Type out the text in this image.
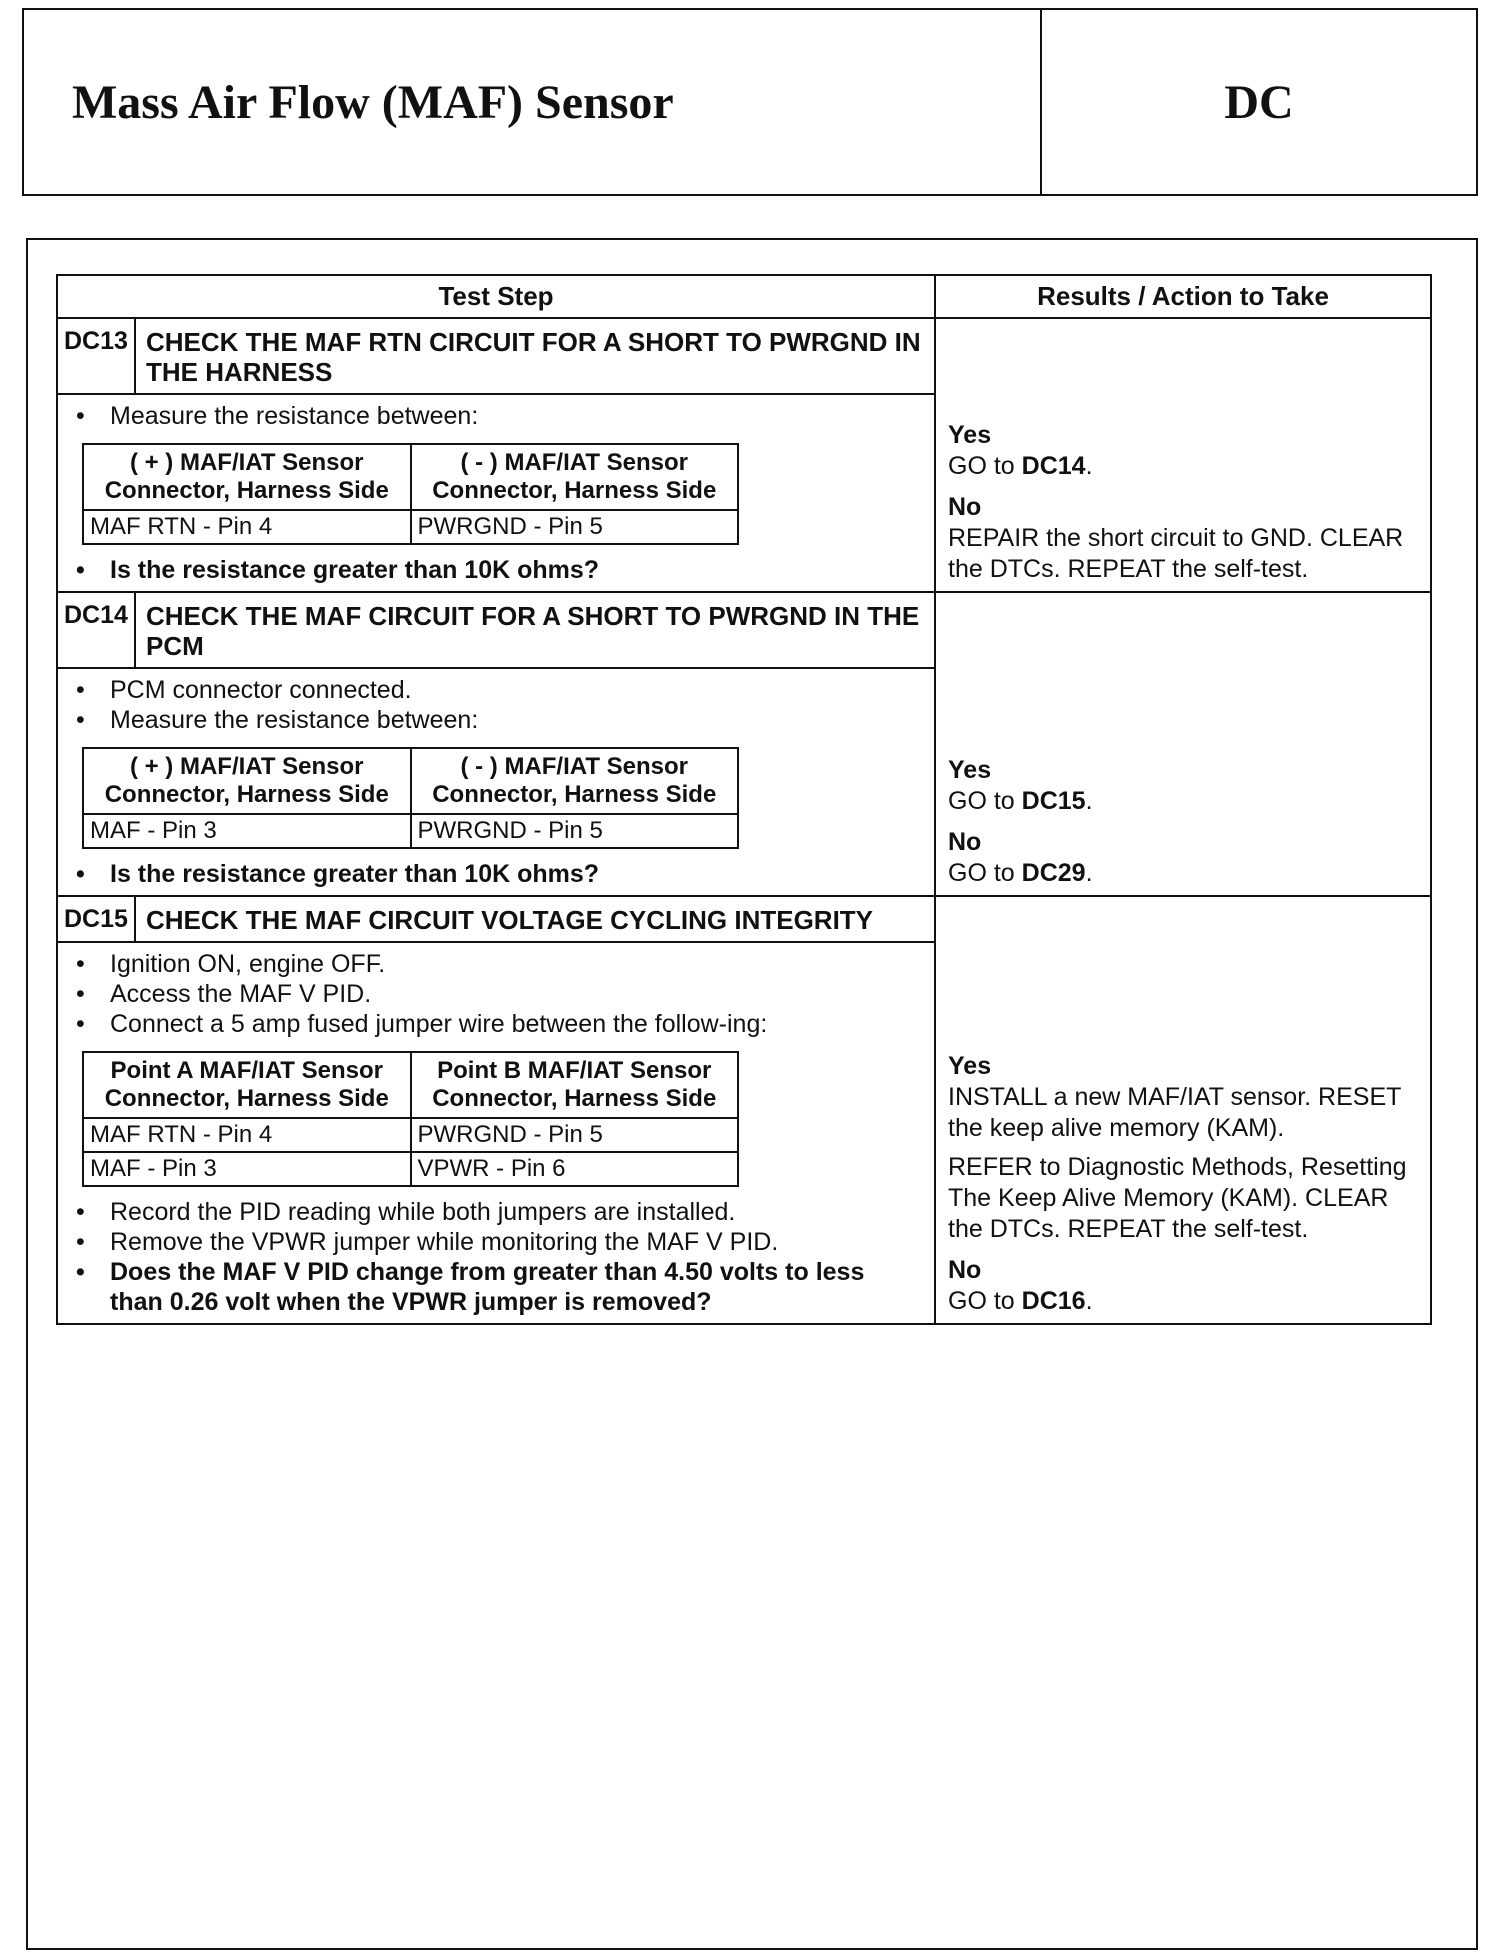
Mass Air Flow (MAF) Sensor	DC
Test Step	Results / Action to Take
DC13	CHECK THE MAF RTN CIRCUIT FOR A SHORT TO PWRGND IN THE HARNESS	
Yes
GO to DC14.
No
REPAIR the short circuit to GND. CLEAR the DTCs. REPEAT the self-test.

• Measure the resistance between:
( + ) MAF/IAT Sensor Connector, Harness Side	( - ) MAF/IAT Sensor Connector, Harness Side
MAF RTN - Pin 4	PWRGND - Pin 5
• Is the resistance greater than 10K ohms?

DC14	CHECK THE MAF CIRCUIT FOR A SHORT TO PWRGND IN THE PCM	
Yes
GO to DC15.
No
GO to DC29.

• PCM connector connected.
• Measure the resistance between:
( + ) MAF/IAT Sensor Connector, Harness Side	( - ) MAF/IAT Sensor Connector, Harness Side
MAF - Pin 3	PWRGND - Pin 5
• Is the resistance greater than 10K ohms?

DC15	CHECK THE MAF CIRCUIT VOLTAGE CYCLING INTEGRITY	
Yes
INSTALL a new MAF/IAT sensor. RESET the keep alive memory (KAM).
REFER to Diagnostic Methods, Resetting The Keep Alive Memory (KAM). CLEAR the DTCs. REPEAT the self-test.
No
GO to DC16.

• Ignition ON, engine OFF.
• Access the MAF V PID.
• Connect a 5 amp fused jumper wire between the follow-ing:
Point A MAF/IAT Sensor Connector, Harness Side	Point B MAF/IAT Sensor Connector, Harness Side
MAF RTN - Pin 4	PWRGND - Pin 5
MAF - Pin 3	VPWR - Pin 6
• Record the PID reading while both jumpers are installed.
• Remove the VPWR jumper while monitoring the MAF V PID.
• Does the MAF V PID change from greater than 4.50 volts to less than 0.26 volt when the VPWR jumper is removed?
